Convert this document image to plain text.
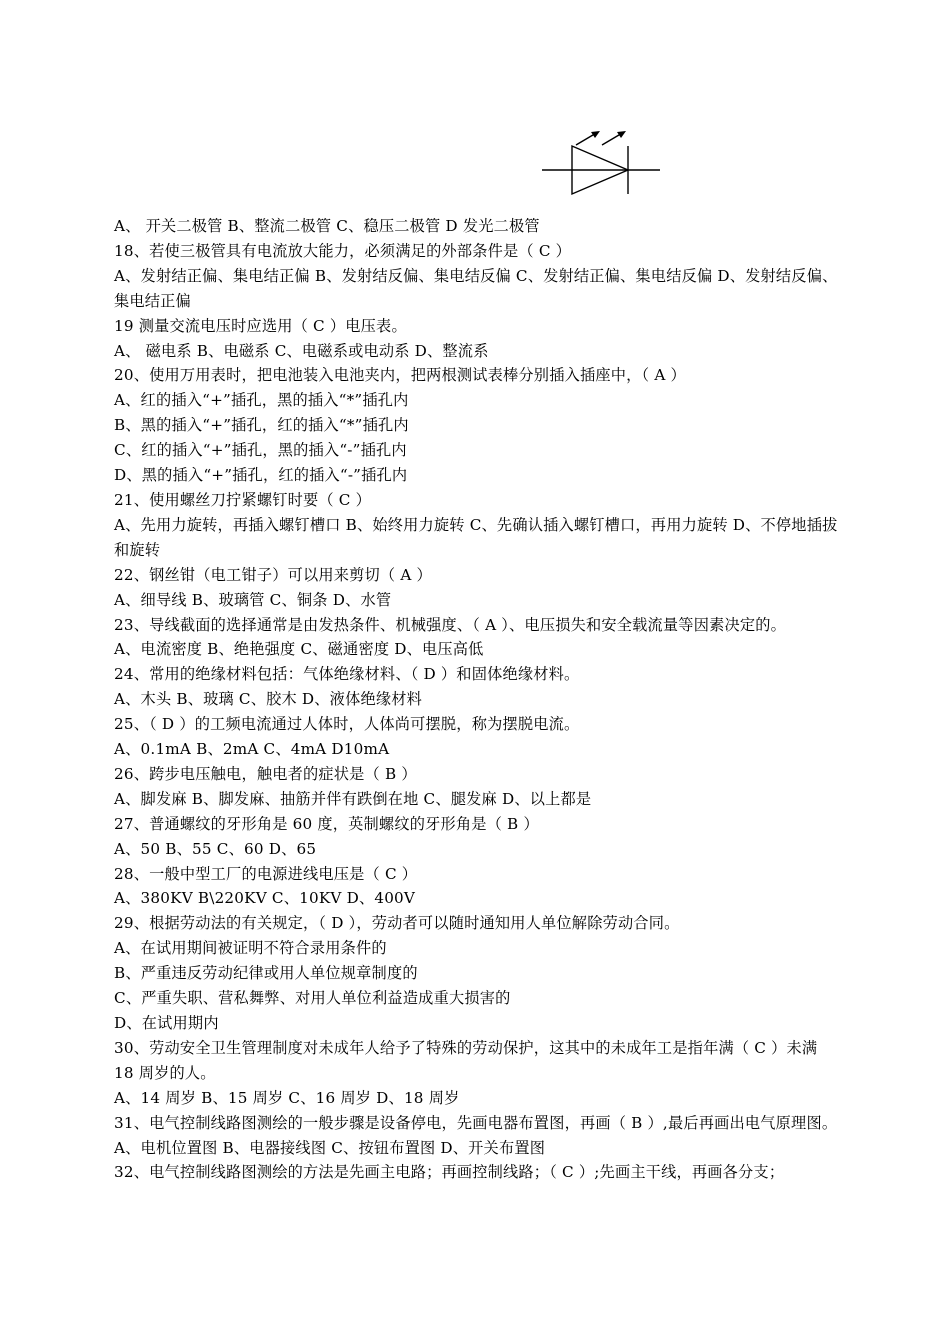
A、 开关二极管 B、整流二极管 C、稳压二极管 D 发光二极管

18、若使三极管具有电流放大能力，必须满足的外部条件是（ C ）

A、发射结正偏、集电结正偏 B、发射结反偏、集电结反偏 C、发射结正偏、集电结反偏 D、发射结反偏、集电结正偏

19 测量交流电压时应选用（ C ）电压表。

A、 磁电系 B、电磁系 C、电磁系或电动系 D、整流系

20、使用万用表时，把电池装入电池夹内，把两根测试表棒分别插入插座中，（ A ）

A、红的插入“+”插孔，黑的插入“*”插孔内

B、黑的插入“+”插孔，红的插入“*”插孔内

C、红的插入“+”插孔，黑的插入“-”插孔内

D、黑的插入“+”插孔，红的插入“-”插孔内

21、使用螺丝刀拧紧螺钉时要（ C ）

A、先用力旋转，再插入螺钉槽口 B、始终用力旋转 C、先确认插入螺钉槽口，再用力旋转 D、不停地插拔和旋转

22、钢丝钳（电工钳子）可以用来剪切（ A ）

A、细导线 B、玻璃管 C、铜条 D、水管

23、导线截面的选择通常是由发热条件、机械强度、（ A ）、电压损失和安全载流量等因素决定的。

A、电流密度 B、绝艳强度 C、磁通密度 D、电压高低

24、常用的绝缘材料包括：气体绝缘材料、（ D ）和固体绝缘材料。

A、木头 B、玻璃 C、胶木 D、液体绝缘材料

25、（ D ）的工频电流通过人体时，人体尚可摆脱，称为摆脱电流。

A、0.1mA B、2mA C、4mA D10mA

26、跨步电压触电，触电者的症状是（ B ）

A、脚发麻 B、脚发麻、抽筋并伴有跌倒在地 C、腿发麻 D、以上都是

27、普通螺纹的牙形角是 60 度，英制螺纹的牙形角是（ B ）

A、50 B、55 C、60 D、65

28、一般中型工厂的电源进线电压是（ C ）

A、380KV B\220KV C、10KV D、400V

29、根据劳动法的有关规定，（ D ），劳动者可以随时通知用人单位解除劳动合同。

A、在试用期间被证明不符合录用条件的

B、严重违反劳动纪律或用人单位规章制度的

C、严重失职、营私舞弊、对用人单位利益造成重大损害的

D、在试用期内

30、劳动安全卫生管理制度对未成年人给予了特殊的劳动保护，这其中的未成年工是指年满（ C ）未满 18 周岁的人。

A、14 周岁 B、15 周岁 C、16 周岁 D、18 周岁

31、电气控制线路图测绘的一般步骤是设备停电，先画电器布置图，再画（ B ）,最后再画出电气原理图。

A、电机位置图 B、电器接线图 C、按钮布置图 D、开关布置图

32、电气控制线路图测绘的方法是先画主电路；再画控制线路；（ C ）;先画主干线，再画各分支；
